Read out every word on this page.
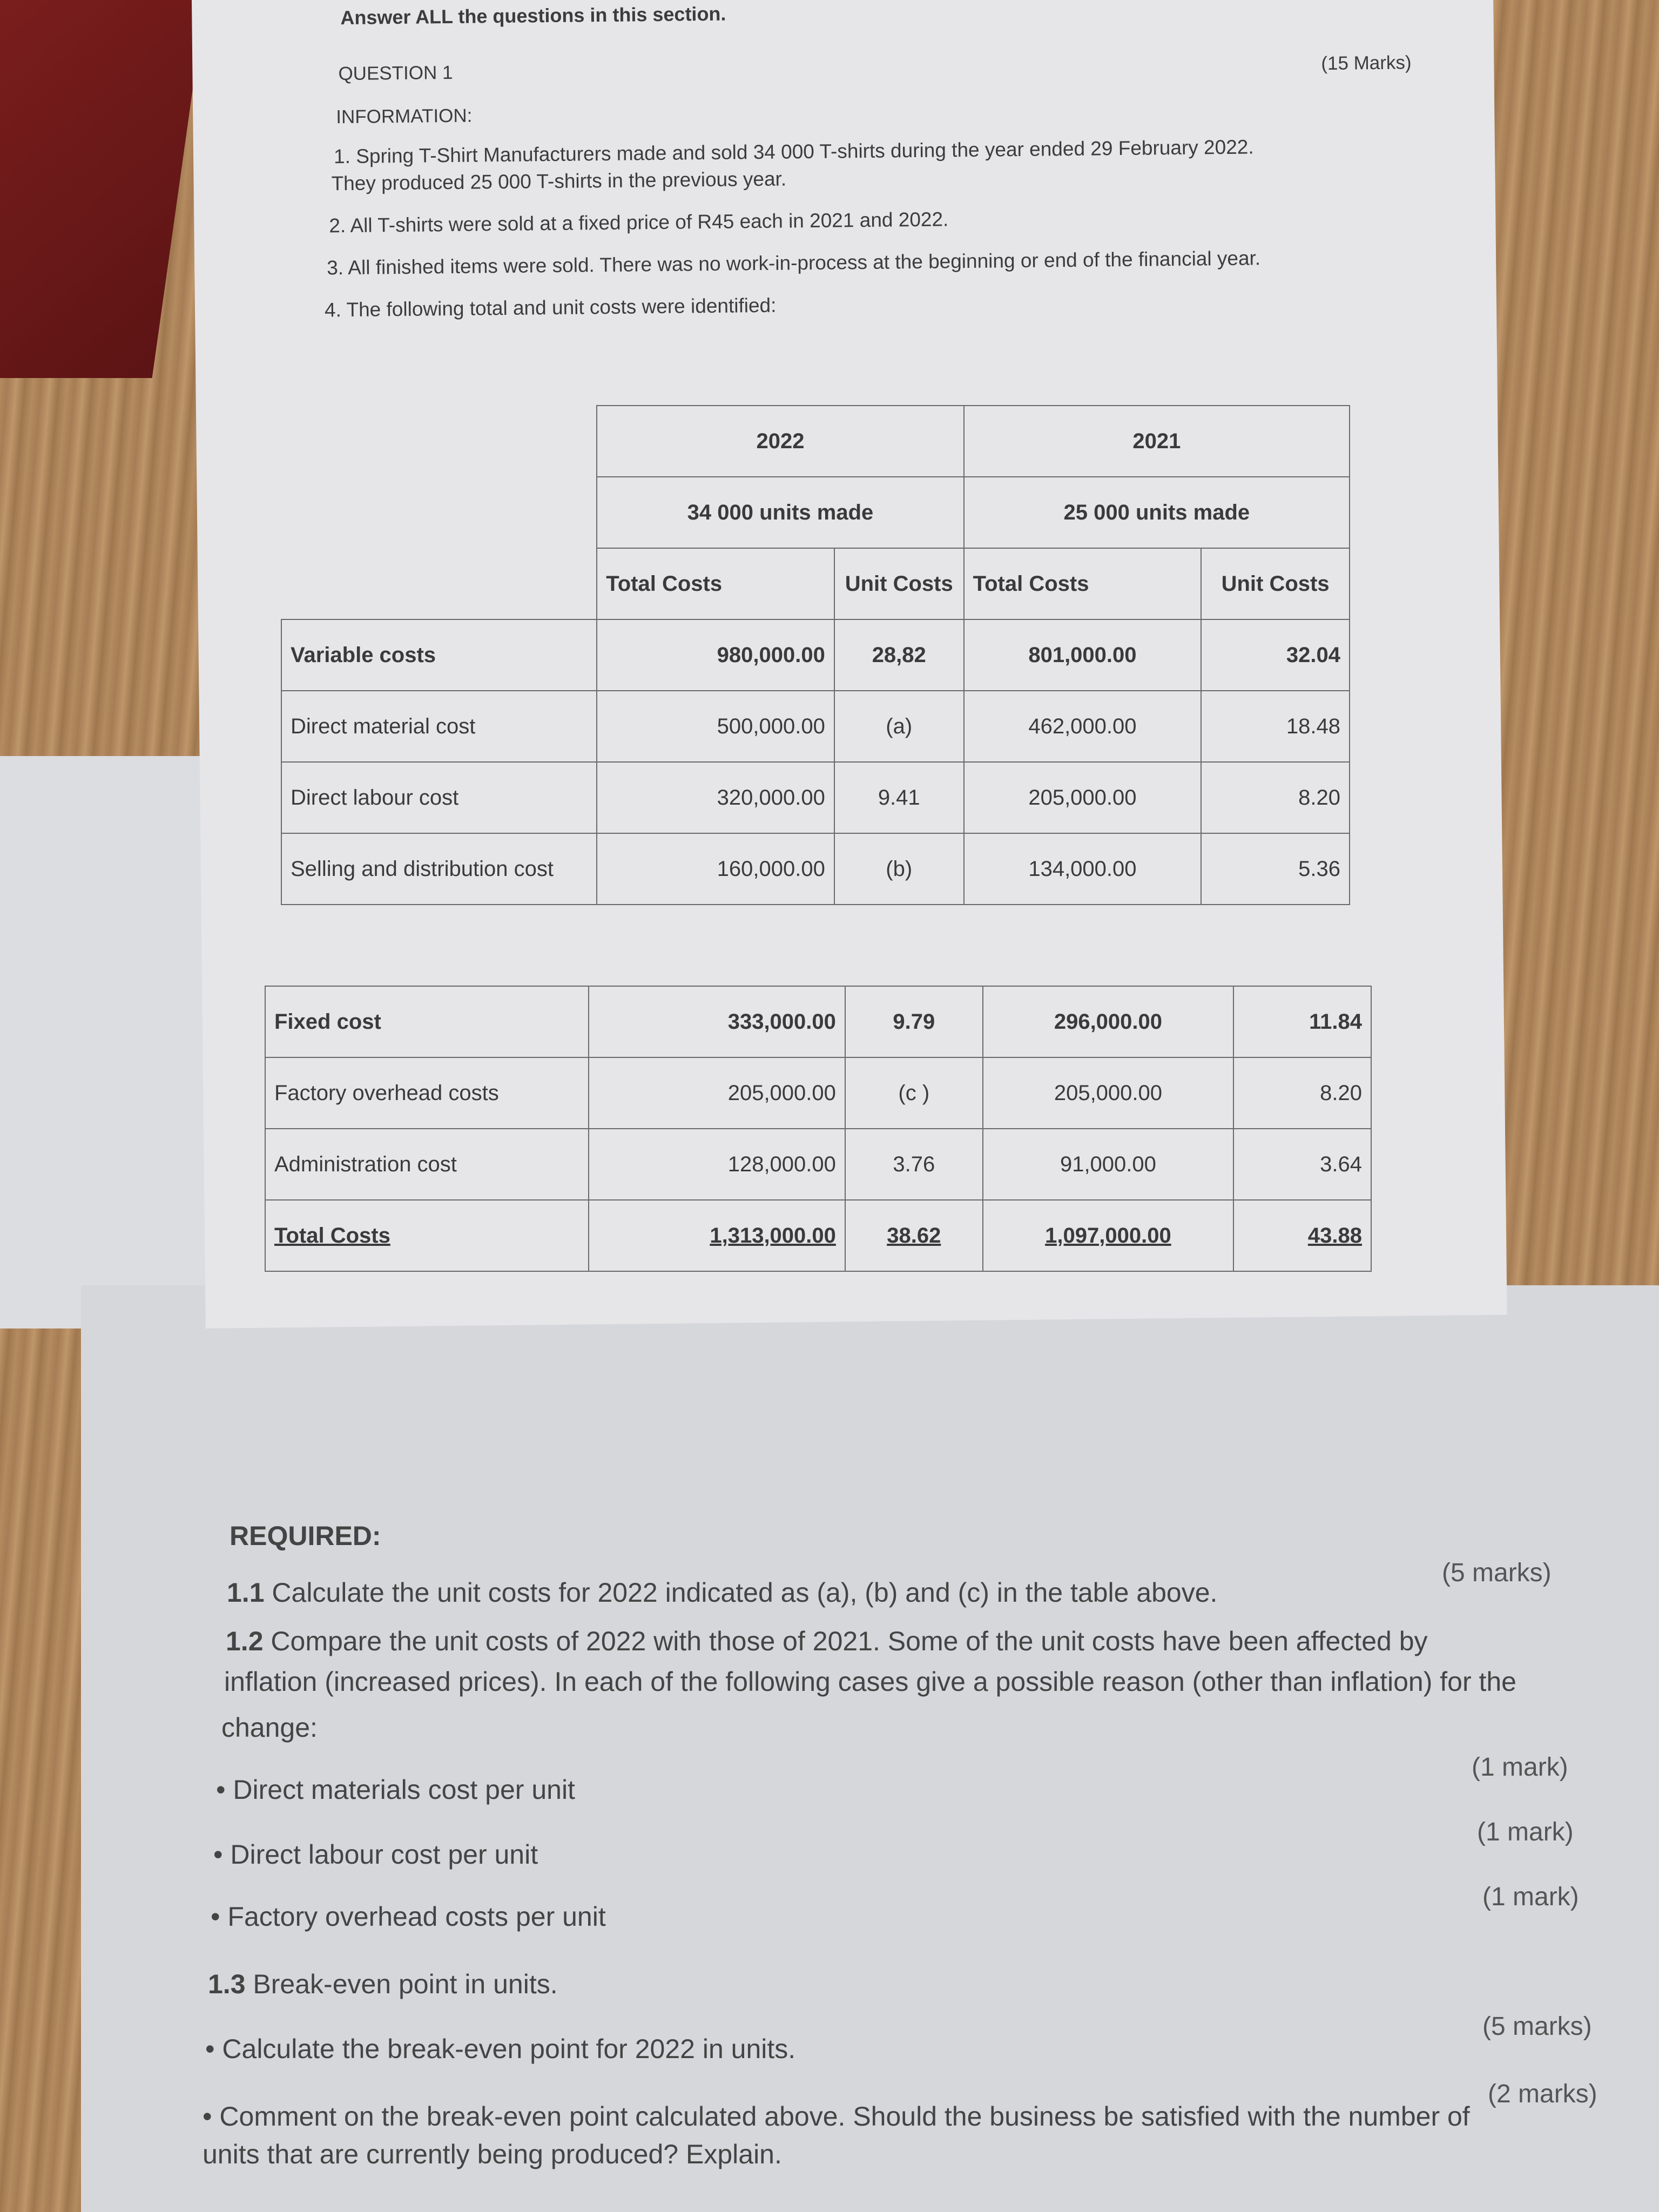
Answer ALL the questions in this section.
QUESTION 1	(15 Marks)
INFORMATION:
1. Spring T-Shirt Manufacturers made and sold 34 000 T-shirts during the year ended 29 February 2022.
They produced 25 000 T-shirts in the previous year.
2. All T-shirts were sold at a fixed price of R45 each in 2021 and 2022.
3. All finished items were sold. There was no work-in-process at the beginning or end of the financial year.
4. The following total and unit costs were identified:
	2022		2021	
	34 000 units made		25 000 units made	
	Total Costs	Unit Costs	Total Costs	Unit Costs
Variable costs	980,000.00	28,82	801,000.00	32.04
Direct material cost	500,000.00	(a)	462,000.00	18.48
Direct labour cost	320,000.00	9.41	205,000.00	8.20
Selling and distribution cost	160,000.00	(b)	134,000.00	5.36
Fixed cost	333,000.00	9.79	296,000.00	11.84
Factory overhead costs	205,000.00	(c )	205,000.00	8.20
Administration cost	128,000.00	3.76	91,000.00	3.64
Total Costs	1,313,000.00	38.62	1,097,000.00	43.88
REQUIRED:
1.1 Calculate the unit costs for 2022 indicated as (a), (b) and (c) in the table above.
(5 marks)
1.2 Compare the unit costs of 2022 with those of 2021. Some of the unit costs have been affected by
inflation (increased prices). In each of the following cases give a possible reason (other than inflation) for the
change:
• Direct materials cost per unit
(1 mark)
• Direct labour cost per unit
(1 mark)
• Factory overhead costs per unit
(1 mark)
1.3 Break-even point in units.
• Calculate the break-even point for 2022 in units.
(5 marks)
• Comment on the break-even point calculated above. Should the business be satisfied with the number of
(2 marks)
units that are currently being produced? Explain.
